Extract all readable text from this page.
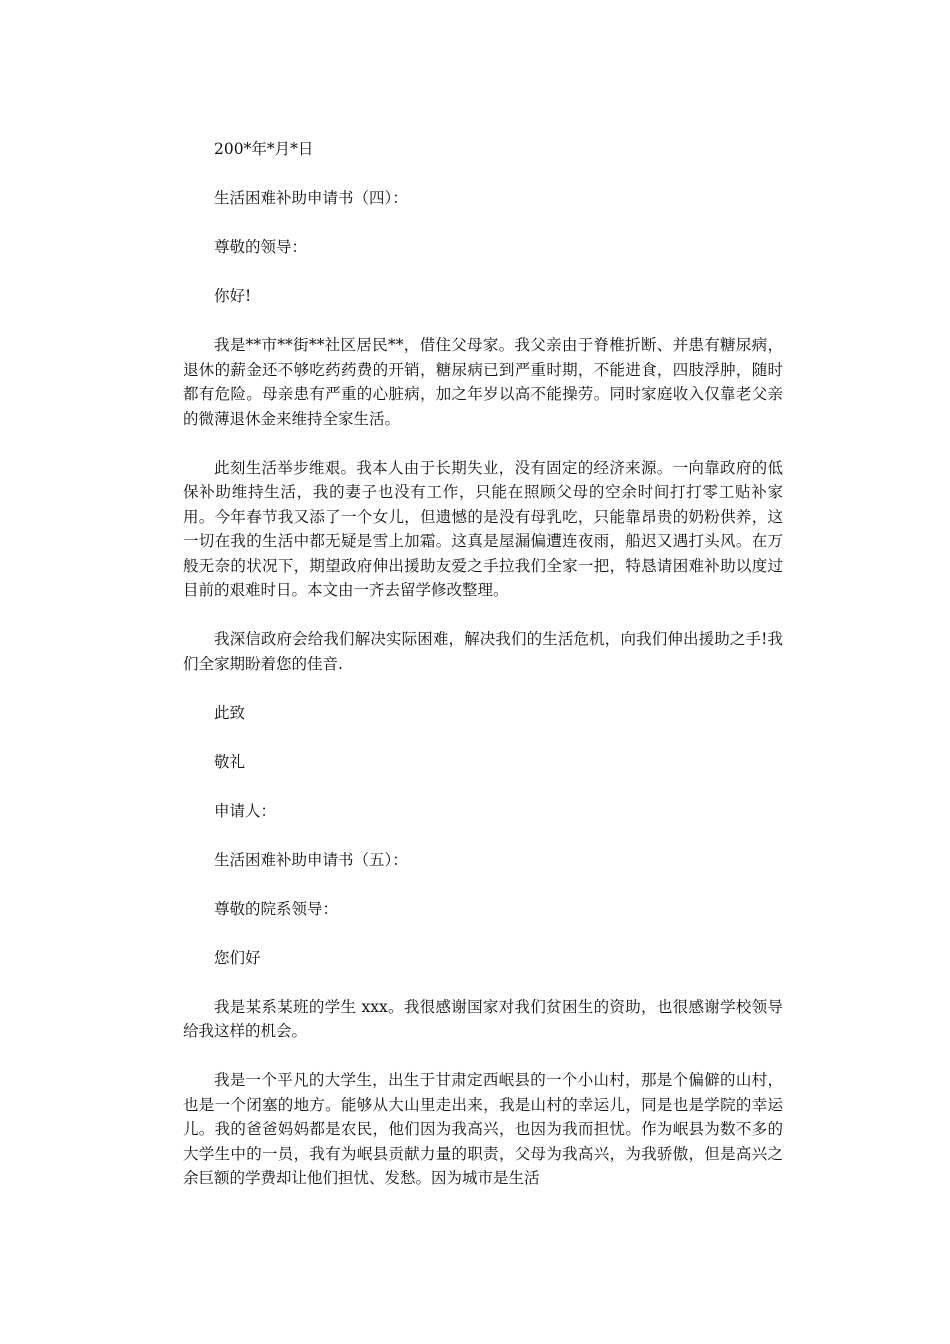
200*年*月*日

生活困难补助申请书（四）：

尊敬的领导：

你好!

我是**市**街**社区居民**，借住父母家。我父亲由于脊椎折断、并患有糖尿病，退休的薪金还不够吃药药费的开销，糖尿病已到严重时期，不能进食，四肢浮肿，随时都有危险。母亲患有严重的心脏病，加之年岁以高不能操劳。同时家庭收入仅靠老父亲的微薄退休金来维持全家生活。

此刻生活举步维艰。我本人由于长期失业，没有固定的经济来源。一向靠政府的低保补助维持生活，我的妻子也没有工作，只能在照顾父母的空余时间打打零工贴补家用。今年春节我又添了一个女儿，但遗憾的是没有母乳吃，只能靠昂贵的奶粉供养，这一切在我的生活中都无疑是雪上加霜。这真是屋漏偏遭连夜雨，船迟又遇打头风。在万般无奈的状况下，期望政府伸出援助友爱之手拉我们全家一把，特恳请困难补助以度过目前的艰难时日。本文由一齐去留学修改整理。

我深信政府会给我们解决实际困难，解决我们的生活危机，向我们伸出援助之手!我们全家期盼着您的佳音.

此致

敬礼

申请人：

生活困难补助申请书（五）：

尊敬的院系领导：

您们好

我是某系某班的学生 xxx。我很感谢国家对我们贫困生的资助，也很感谢学校领导给我这样的机会。

我是一个平凡的大学生，出生于甘肃定西岷县的一个小山村，那是个偏僻的山村，也是一个闭塞的地方。能够从大山里走出来，我是山村的幸运儿，同是也是学院的幸运儿。我的爸爸妈妈都是农民，他们因为我高兴，也因为我而担忧。作为岷县为数不多的大学生中的一员，我有为岷县贡献力量的职责，父母为我高兴，为我骄傲，但是高兴之余巨额的学费却让他们担忧、发愁。因为城市是生活
